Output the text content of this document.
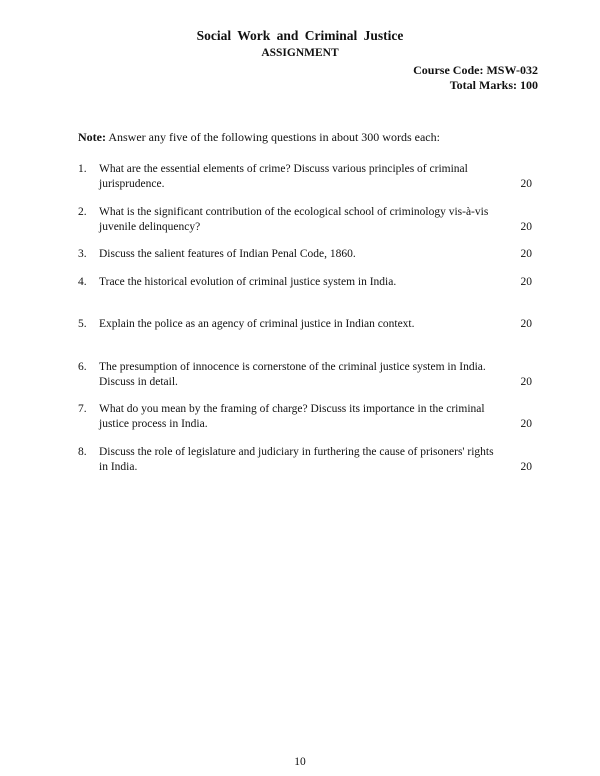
Social Work and Criminal Justice
ASSIGNMENT
Course Code: MSW-032
Total Marks: 100
Note: Answer any five of the following questions in about 300 words each:
1. What are the essential elements of crime? Discuss various principles of criminal
jurisprudence.	20
2. What is the significant contribution of the ecological school of criminology vis-à-vis
juvenile delinquency?	20
3. Discuss the salient features of Indian Penal Code, 1860.	20
4. Trace the historical evolution of criminal justice system in India.	20
5. Explain the police as an agency of criminal justice in Indian context.	20
6. The presumption of innocence is cornerstone of the criminal justice system in India.
Discuss in detail.	20
7. What do you mean by the framing of charge? Discuss its importance in the criminal
justice process in India.	20
8. Discuss the role of legislature and judiciary in furthering the cause of prisoners' rights
in India.	20
10
